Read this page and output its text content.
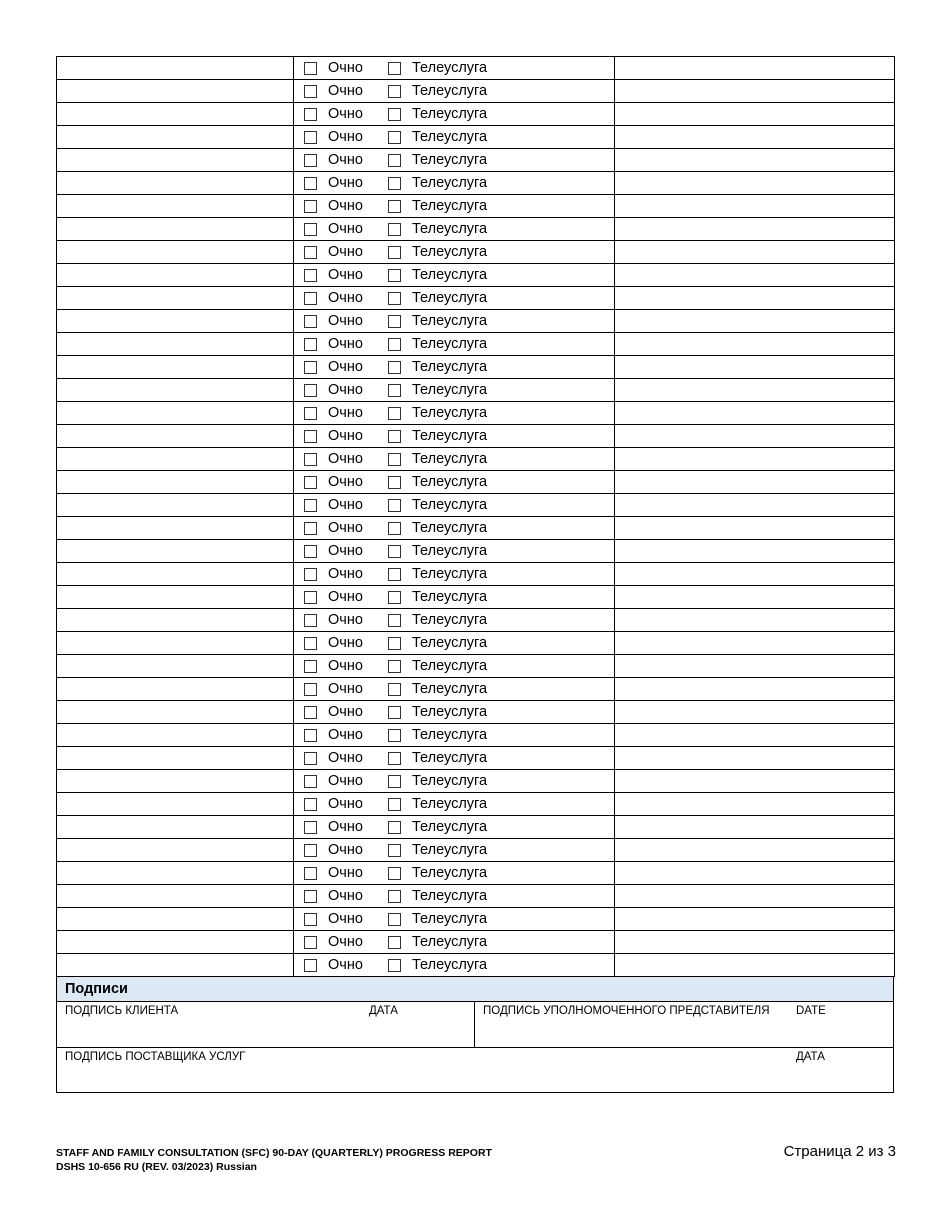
	Очно Телеуслуга	

	Очно Телеуслуга	

	Очно Телеуслуга	

	Очно Телеуслуга	

	Очно Телеуслуга	

	Очно Телеуслуга	

	Очно Телеуслуга	

	Очно Телеуслуга	

	Очно Телеуслуга	

	Очно Телеуслуга	

	Очно Телеуслуга	

	Очно Телеуслуга	

	Очно Телеуслуга	

	Очно Телеуслуга	

	Очно Телеуслуга	

	Очно Телеуслуга	

	Очно Телеуслуга	

	Очно Телеуслуга	

	Очно Телеуслуга	

	Очно Телеуслуга	

	Очно Телеуслуга	

	Очно Телеуслуга	

	Очно Телеуслуга	

	Очно Телеуслуга	

	Очно Телеуслуга	

	Очно Телеуслуга	

	Очно Телеуслуга	

	Очно Телеуслуга	

	Очно Телеуслуга	

	Очно Телеуслуга	

	Очно Телеуслуга	

	Очно Телеуслуга	

	Очно Телеуслуга	

	Очно Телеуслуга	

	Очно Телеуслуга	

	Очно Телеуслуга	

	Очно Телеуслуга	

	Очно Телеуслуга	

	Очно Телеуслуга	

	Очно Телеуслуга	

Подписи
ПОДПИСЬ КЛИЕНТА	ДАТА	ПОДПИСЬ УПОЛНОМОЧЕННОГО ПРЕДСТАВИТЕЛЯ DATE
ПОДПИСЬ ПОСТАВЩИКА УСЛУГ	ДАТА
STAFF AND FAMILY CONSULTATION (SFC) 90-DAY (QUARTERLY) PROGRESS REPORT
DSHS 10-656 RU (REV. 03/2023) Russian
Страница 2 из 3
